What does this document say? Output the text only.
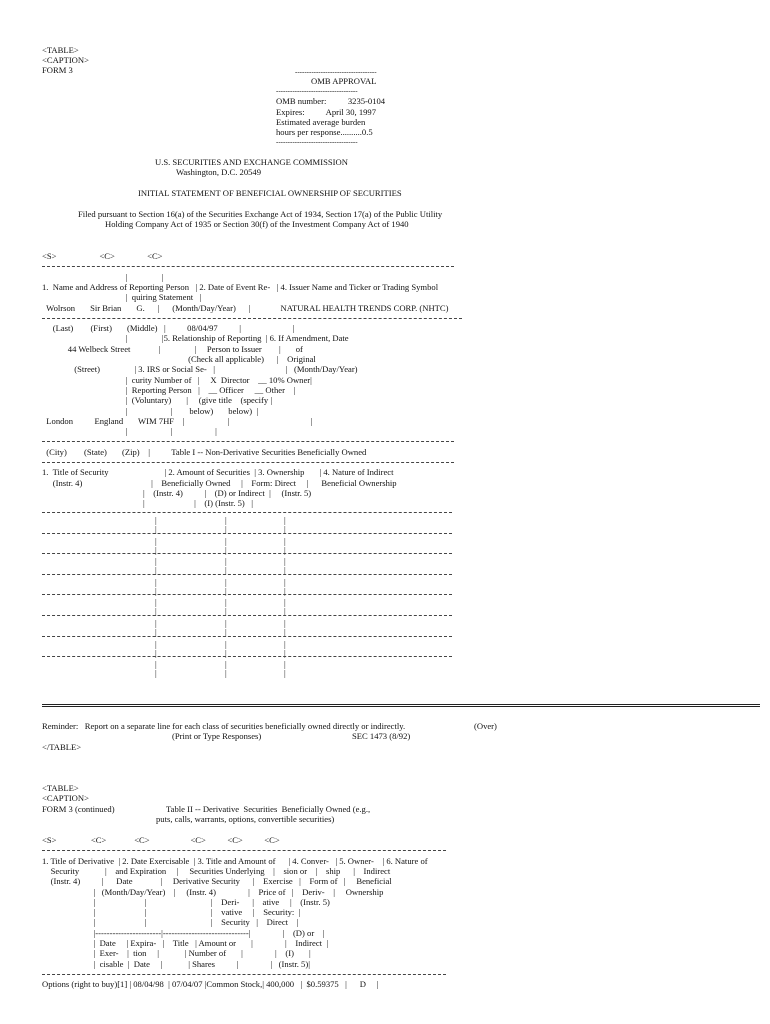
<TABLE>
<CAPTION>
FORM 3	-----------------------------------
OMB APPROVAL
-----------------------------------
OMB number:          3235-0104
Expires:          April 30, 1997
Estimated average burden
hours per response..........0.5
-----------------------------------
U.S. SECURITIES AND EXCHANGE COMMISSION
Washington, D.C. 20549
INITIAL STATEMENT OF BENEFICIAL OWNERSHIP OF SECURITIES
Filed pursuant to Section 16(a) of the Securities Exchange Act of 1934, Section 17(a) of the Public Utility
Holding Company Act of 1935 or Section 30(f) of the Investment Company Act of 1940
<S>                    <C>               <C>
|                |
1.  Name and Address of Reporting Person   | 2. Date of Event Re-   | 4. Issuer Name and Ticker or Trading Symbol
|  quiring Statement   |
Wolrson       Sir Brian       G.      |      (Month/Day/Year)      |              NATURAL HEALTH TRENDS CORP. (NHTC)
(Last)        (First)       (Middle)   |          08/04/97          |                        |
|                |5. Relationship of Reporting  | 6. If Amendment, Date
44 Welbeck Street             |                |     Person to Issuer        |       of
(Check all applicable)      |    Original
(Street)                | 3. IRS or Social Se-   |                                 |   (Month/Day/Year)
|  curity Number of   |     X  Director    __ 10% Owner|
|  Reporting Person   |    __ Officer     __ Other    |
|  (Voluntary)       |     (give title    (specify |
|                    |        below)       below)  |
London          England       WIM 7HF    |                    |                                      |
|                    |                    |
(City)        (State)       (Zip)    |          Table I -- Non-Derivative Securities Beneficially Owned
1.  Title of Security                          | 2. Amount of Securities  | 3. Ownership       | 4. Nature of Indirect
(Instr. 4)                                |    Beneficially Owned     |    Form: Direct     |      Beneficial Ownership
|    (Instr. 4)          |    (D) or Indirect  |     (Instr. 5)
|                       |    (I) (Instr. 5)   |
|
|
|
|
|
|
|
|
|
|
|
|
|
|
|
|
|
|
|
|
|
|
|
|
|
|
|
|
|
|
|
|
|
|
|
|
|
|
|
|
|
|
|
|
|
|
|
|
Reminder:   Report on a separate line for each class of securities beneficially owned directly or indirectly.	(Over)
(Print or Type Responses)	SEC 1473 (8/92)
</TABLE>
<TABLE>
<CAPTION>
FORM 3 (continued)	Table II -- Derivative  Securities  Beneficially Owned (e.g.,
puts, calls, warrants, options, convertible securities)
<S>                <C>             <C>                   <C>          <C>          <C>
1. Title of Derivative  | 2. Date Exercisable  | 3. Title and Amount of      | 4. Conver-   | 5. Owner-    | 6. Nature of
Security            |    and Expiration     |     Securities Underlying    |    sion or    |    ship      |    Indirect
(Instr. 4)          |      Date             |     Derivative Security      |    Exercise   |    Form of   |     Beneficial
|   (Month/Day/Year)    |     (Instr. 4)               |    Price of   |    Deriv-    |     Ownership
|                       |                              |    Deri-      |    ative     |    (Instr. 5)
|                       |                              |    vative     |    Security:  |
|                       |                              |    Security   |    Direct    |
|-----------------------|------------------------------|               |    (D) or    |
|  Date     | Expira-   |    Title   | Amount or       |               |    Indirect  |
|  Exer-    |  tion     |            | Number of       |               |    (I)       |
|  cisable  |  Date     |            | Shares          |               |   (Instr. 5)|
Options (right to buy)[1] | 08/04/98  | 07/04/07 |Common Stock,| 400,000   |  $0.59375   |      D     |
